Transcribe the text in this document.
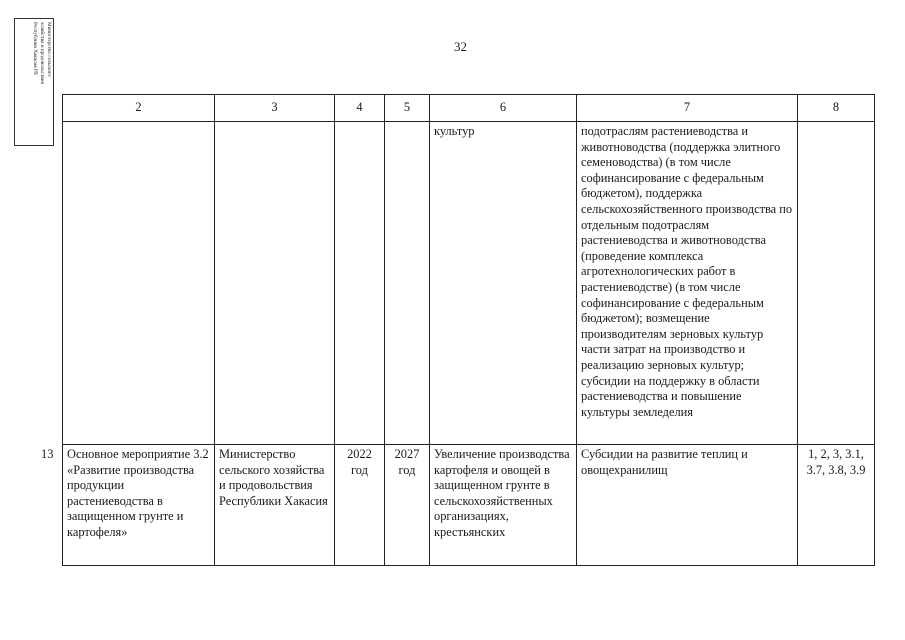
32
Министерство сельского
хозяйства и продовольствия
Республики Хакасия РХ
2	3	4	5	6	7	8
				культур	подотраслям растениеводства и животноводства (поддержка элитного семеноводства) (в том числе софинансирование с федеральным бюджетом), поддержка сельскохозяйственного производства по отдельным подотраслям растениеводства и животноводства (проведение комплекса агротехнологических работ в растениеводстве) (в том числе софинансирование с федеральным бюджетом); возмещение производителям зерновых культур части затрат на производство и реализацию зерновых культур; субсидии на поддержку в области растениеводства и повышение культуры земледелия	

13 Основное мероприятие 3.2 «Развитие производства продукции растениеводства в защищенном грунте и картофеля»	Министерство сельского хозяйства и продовольствия Республики Хакасия	2022 год	2027 год	Увеличение производства картофеля и овощей в защищенном грунте в сельскохозяйственных организациях, крестьянских	Субсидии на развитие теплиц и овощехранилищ	1, 2, 3, 3.1, 3.7, 3.8, 3.9
